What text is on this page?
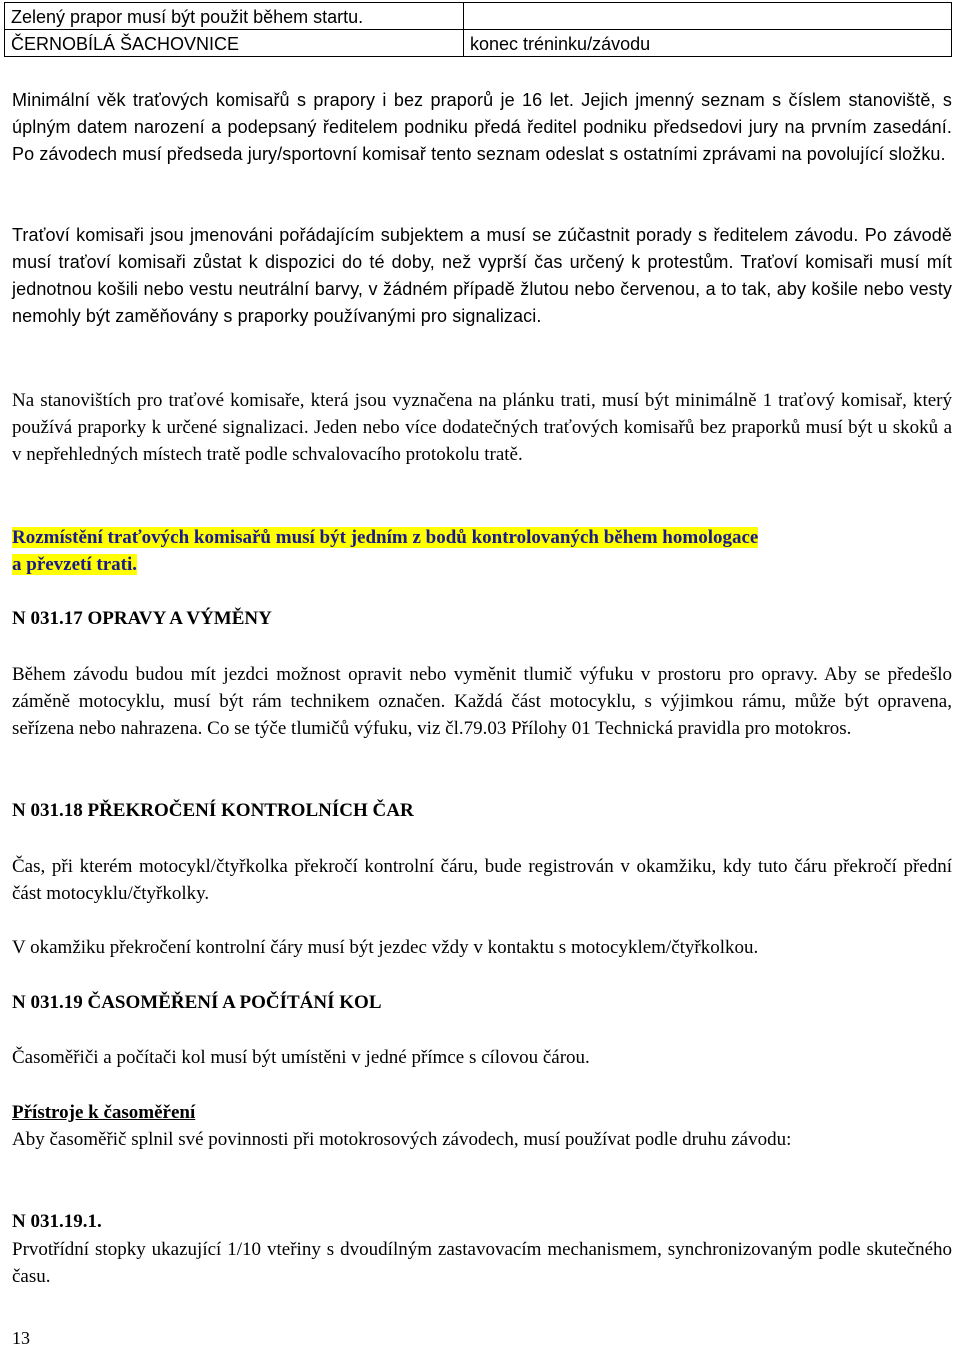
Zelený prapor musí být použit během startu.	
ČERNOBÍLÁ ŠACHOVNICE	konec tréninku/závodu

Minimální věk traťových komisařů s prapory i bez praporů je 16 let. Jejich jmenný seznam s číslem stanoviště, s úplným datem narození a podepsaný ředitelem podniku předá ředitel podniku předsedovi jury na prvním zasedání. Po závodech musí předseda jury/sportovní komisař tento seznam odeslat s ostatními zprávami na povolující složku.

Traťoví komisaři jsou jmenováni pořádajícím subjektem a musí se zúčastnit porady s ředitelem závodu. Po závodě musí traťoví komisaři zůstat k dispozici do té doby, než vyprší čas určený k protestům. Traťoví komisaři musí mít jednotnou košili nebo vestu neutrální barvy, v žádném případě žlutou nebo červenou, a to tak, aby košile nebo vesty nemohly být zaměňovány s praporky používanými pro signalizaci.

Na stanovištích pro traťové komisaře, která jsou vyznačena na plánku trati, musí být minimálně 1 traťový komisař, který používá praporky k určené signalizaci. Jeden nebo více dodatečných traťových komisařů bez praporků musí být u skoků a v nepřehledných místech tratě podle schvalovacího protokolu tratě.

Rozmístění traťových komisařů musí být jedním z bodů kontrolovaných během homologace
a převzetí trati.

N 031.17 OPRAVY A VÝMĚNY

Během závodu budou mít jezdci možnost opravit nebo vyměnit tlumič výfuku v prostoru pro opravy. Aby se předešlo záměně motocyklu, musí být rám technikem označen. Každá část motocyklu, s výjimkou rámu, může být opravena, seřízena nebo nahrazena. Co se týče tlumičů výfuku, viz čl.79.03 Přílohy 01 Technická pravidla pro motokros.

N 031.18 PŘEKROČENÍ KONTROLNÍCH ČAR

Čas, při kterém motocykl/čtyřkolka překročí kontrolní čáru, bude registrován v okamžiku, kdy tuto čáru překročí přední část motocyklu/čtyřkolky.

V okamžiku překročení kontrolní čáry musí být jezdec vždy v kontaktu s motocyklem/čtyřkolkou.

N 031.19 ČASOMĚŘENÍ A POČÍTÁNÍ KOL

Časoměřiči a počítači kol musí být umístěni v jedné přímce s cílovou čárou.

Přístroje k časoměření

Aby časoměřič splnil své povinnosti při motokrosových závodech, musí používat podle druhu závodu:

N 031.19.1.

Prvotřídní stopky ukazující 1/10 vteřiny s dvoudílným zastavovacím mechanismem, synchronizovaným podle skutečného času.

13
